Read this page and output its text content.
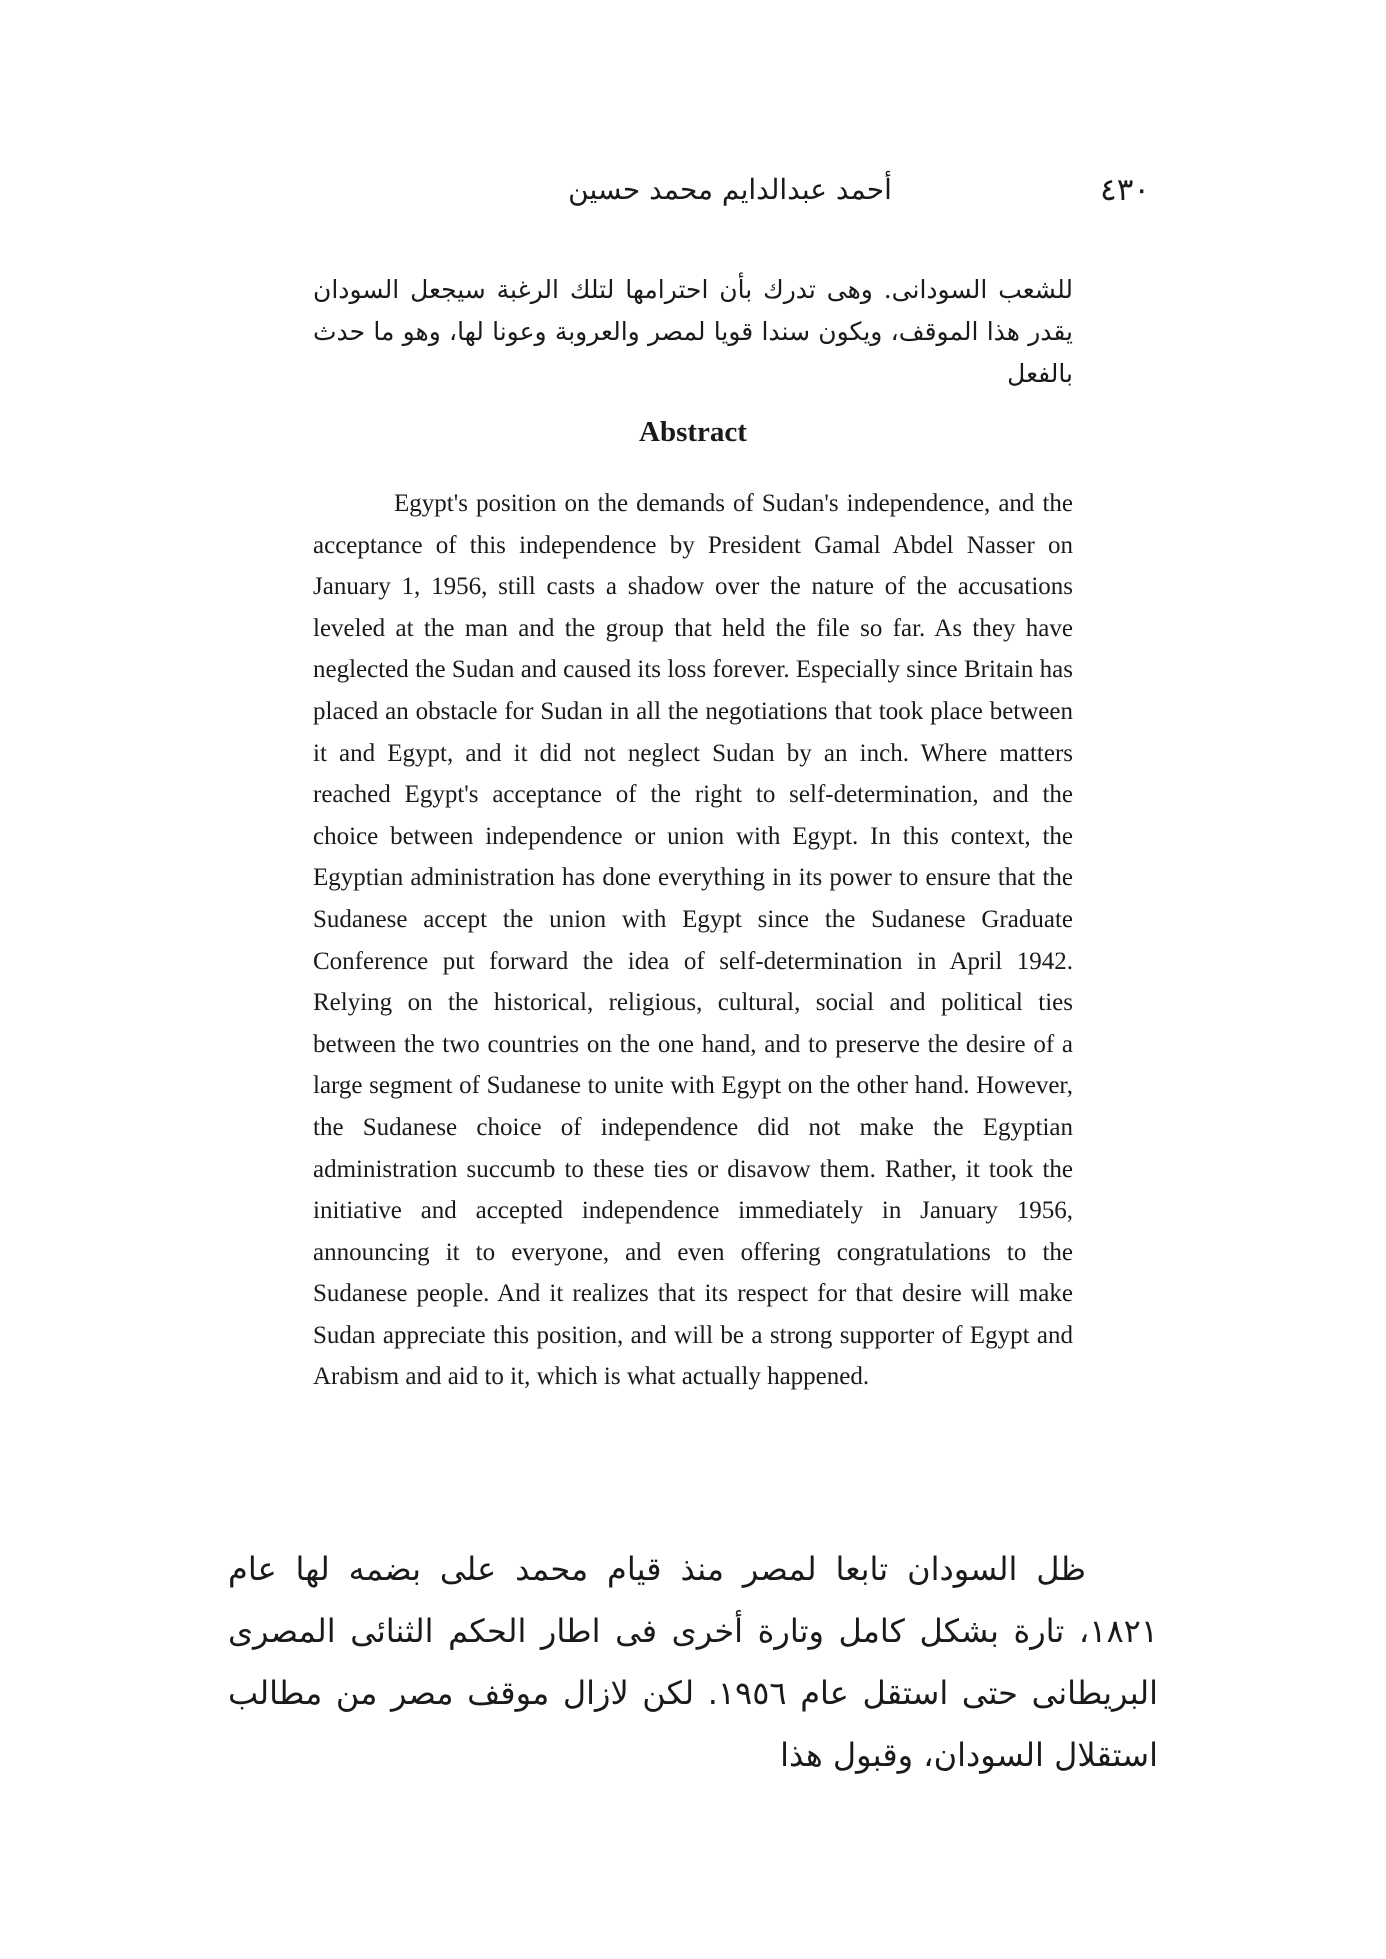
أحمد عبدالدايم محمد حسين	٤٣٠

للشعب السودانى. وهى تدرك بأن احترامها لتلك الرغبة سيجعل السودان يقدر هذا الموقف، ويكون سندا قويا لمصر والعروبة وعونا لها، وهو ما حدث بالفعل

Abstract

Egypt's position on the demands of Sudan's independence, and the acceptance of this independence by President Gamal Abdel Nasser on January 1, 1956, still casts a shadow over the nature of the accusations leveled at the man and the group that held the file so far. As they have neglected the Sudan and caused its loss forever. Especially since Britain has placed an obstacle for Sudan in all the negotiations that took place between it and Egypt, and it did not neglect Sudan by an inch. Where matters reached Egypt's acceptance of the right to self-determination, and the choice between independence or union with Egypt. In this context, the Egyptian administration has done everything in its power to ensure that the Sudanese accept the union with Egypt since the Sudanese Graduate Conference put forward the idea of self-determination in April 1942. Relying on the historical, religious, cultural, social and political ties between the two countries on the one hand, and to preserve the desire of a large segment of Sudanese to unite with Egypt on the other hand. However, the Sudanese choice of independence did not make the Egyptian administration succumb to these ties or disavow them. Rather, it took the initiative and accepted independence immediately in January 1956, announcing it to everyone, and even offering congratulations to the Sudanese people. And it realizes that its respect for that desire will make Sudan appreciate this position, and will be a strong supporter of Egypt and Arabism and aid to it, which is what actually happened.

ظل السودان تابعا لمصر منذ قيام محمد على بضمه لها عام ١٨٢١، تارة بشكل كامل وتارة أخرى فى اطار الحكم الثنائى المصرى البريطانى حتى استقل عام ١٩٥٦. لكن لازال موقف مصر من مطالب استقلال السودان، وقبول هذا
